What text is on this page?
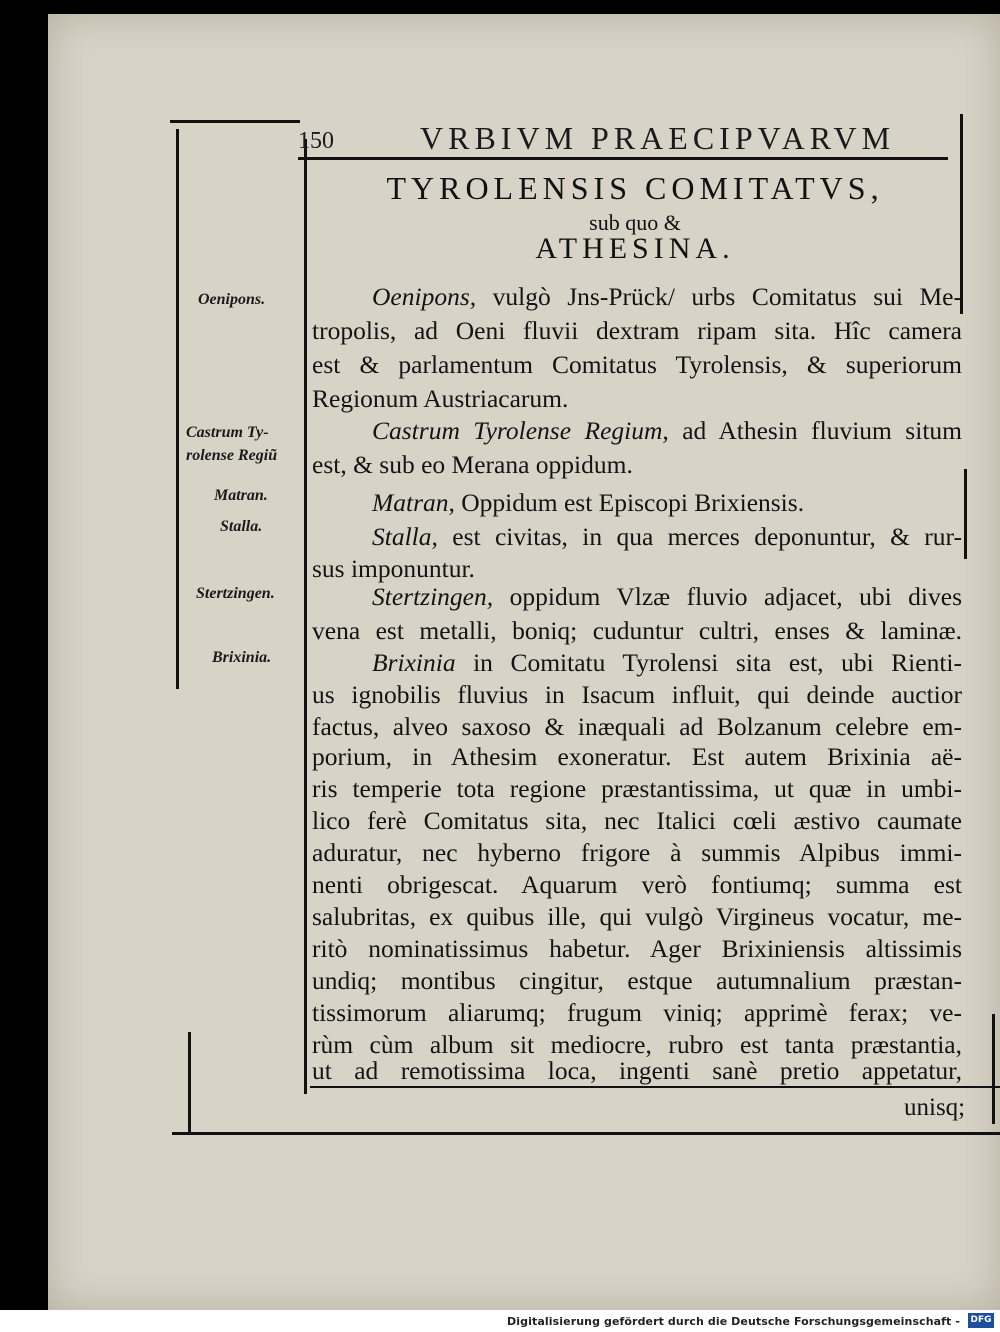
150	VRBIVM PRAECIPVARVM
TYROLENSIS COMITATVS,
sub quo &
ATHESINA.
Oenipons.
Castrum Ty-
rolense Regiũ
Matran.
Stalla.
Stertzingen.
Brixinia.
Oenipons, vulgò Jns-Prück/ urbs Comitatus sui Me-
tropolis, ad Oeni fluvii dextram ripam sita. Hîc camera
est & parlamentum Comitatus Tyrolensis, & superiorum
Regionum Austriacarum.
Castrum Tyrolense Regium, ad Athesin fluvium situm
est, & sub eo Merana oppidum.
Matran, Oppidum est Episcopi Brixiensis.
Stalla, est civitas, in qua merces deponuntur, & rur-
sus imponuntur.
Stertzingen, oppidum Vlzæ fluvio adjacet, ubi dives
vena est metalli, boniq; cuduntur cultri, enses & laminæ.
Brixinia in Comitatu Tyrolensi sita est, ubi Rienti-
us ignobilis fluvius in Isacum influit, qui deinde auctior
factus, alveo saxoso & inæquali ad Bolzanum celebre em-
porium, in Athesim exoneratur. Est autem Brixinia aë-
ris temperie tota regione præstantissima, ut quæ in umbi-
lico ferè Comitatus sita, nec Italici cœli æstivo caumate
aduratur, nec hyberno frigore à summis Alpibus immi-
nenti obrigescat. Aquarum verò fontiumq; summa est
salubritas, ex quibus ille, qui vulgò Virgineus vocatur, me-
ritò nominatissimus habetur. Ager Brixiniensis altissimis
undiq; montibus cingitur, estque autumnalium præstan-
tissimorum aliarumq; frugum viniq; apprimè ferax; ve-
rùm cùm album sit mediocre, rubro est tanta præstantia,
ut ad remotissima loca, ingenti sanè pretio appetatur,
unisq;
Digitalisierung gefördert durch die Deutsche Forschungsgemeinschaft - DFG
